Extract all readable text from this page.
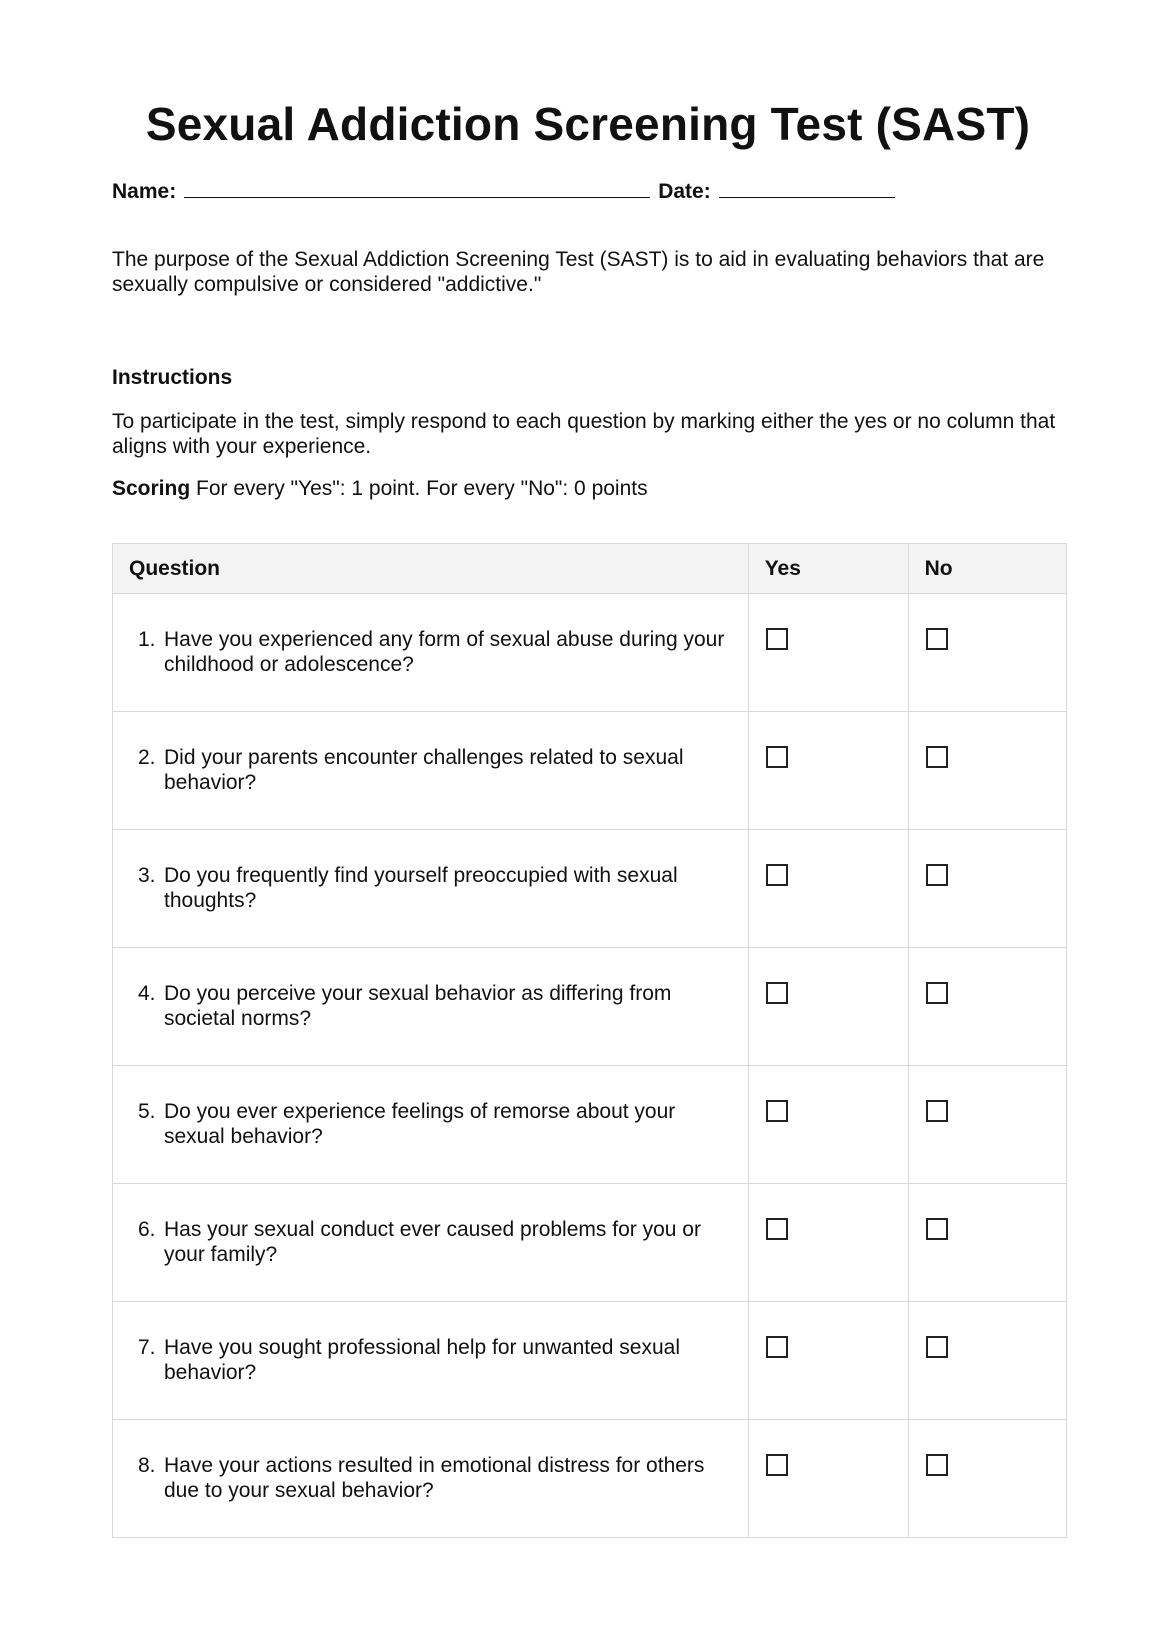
Sexual Addiction Screening Test (SAST)
Name:	Date:
The purpose of the Sexual Addiction Screening Test (SAST) is to aid in evaluating behaviors that are sexually compulsive or considered "addictive."
Instructions
To participate in the test, simply respond to each question by marking either the yes or no column that aligns with your experience.
Scoring For every "Yes": 1 point. For every "No": 0 points
Question	Yes	No

1. Have you experienced any form of sexual abuse during your childhood or adolescence?		

2. Did your parents encounter challenges related to sexual behavior?		

3. Do you frequently find yourself preoccupied with sexual thoughts?		

4. Do you perceive your sexual behavior as differing from societal norms?		

5. Do you ever experience feelings of remorse about your sexual behavior?		

6. Has your sexual conduct ever caused problems for you or your family?		

7. Have you sought professional help for unwanted sexual behavior?		

8. Have your actions resulted in emotional distress for others due to your sexual behavior?		
